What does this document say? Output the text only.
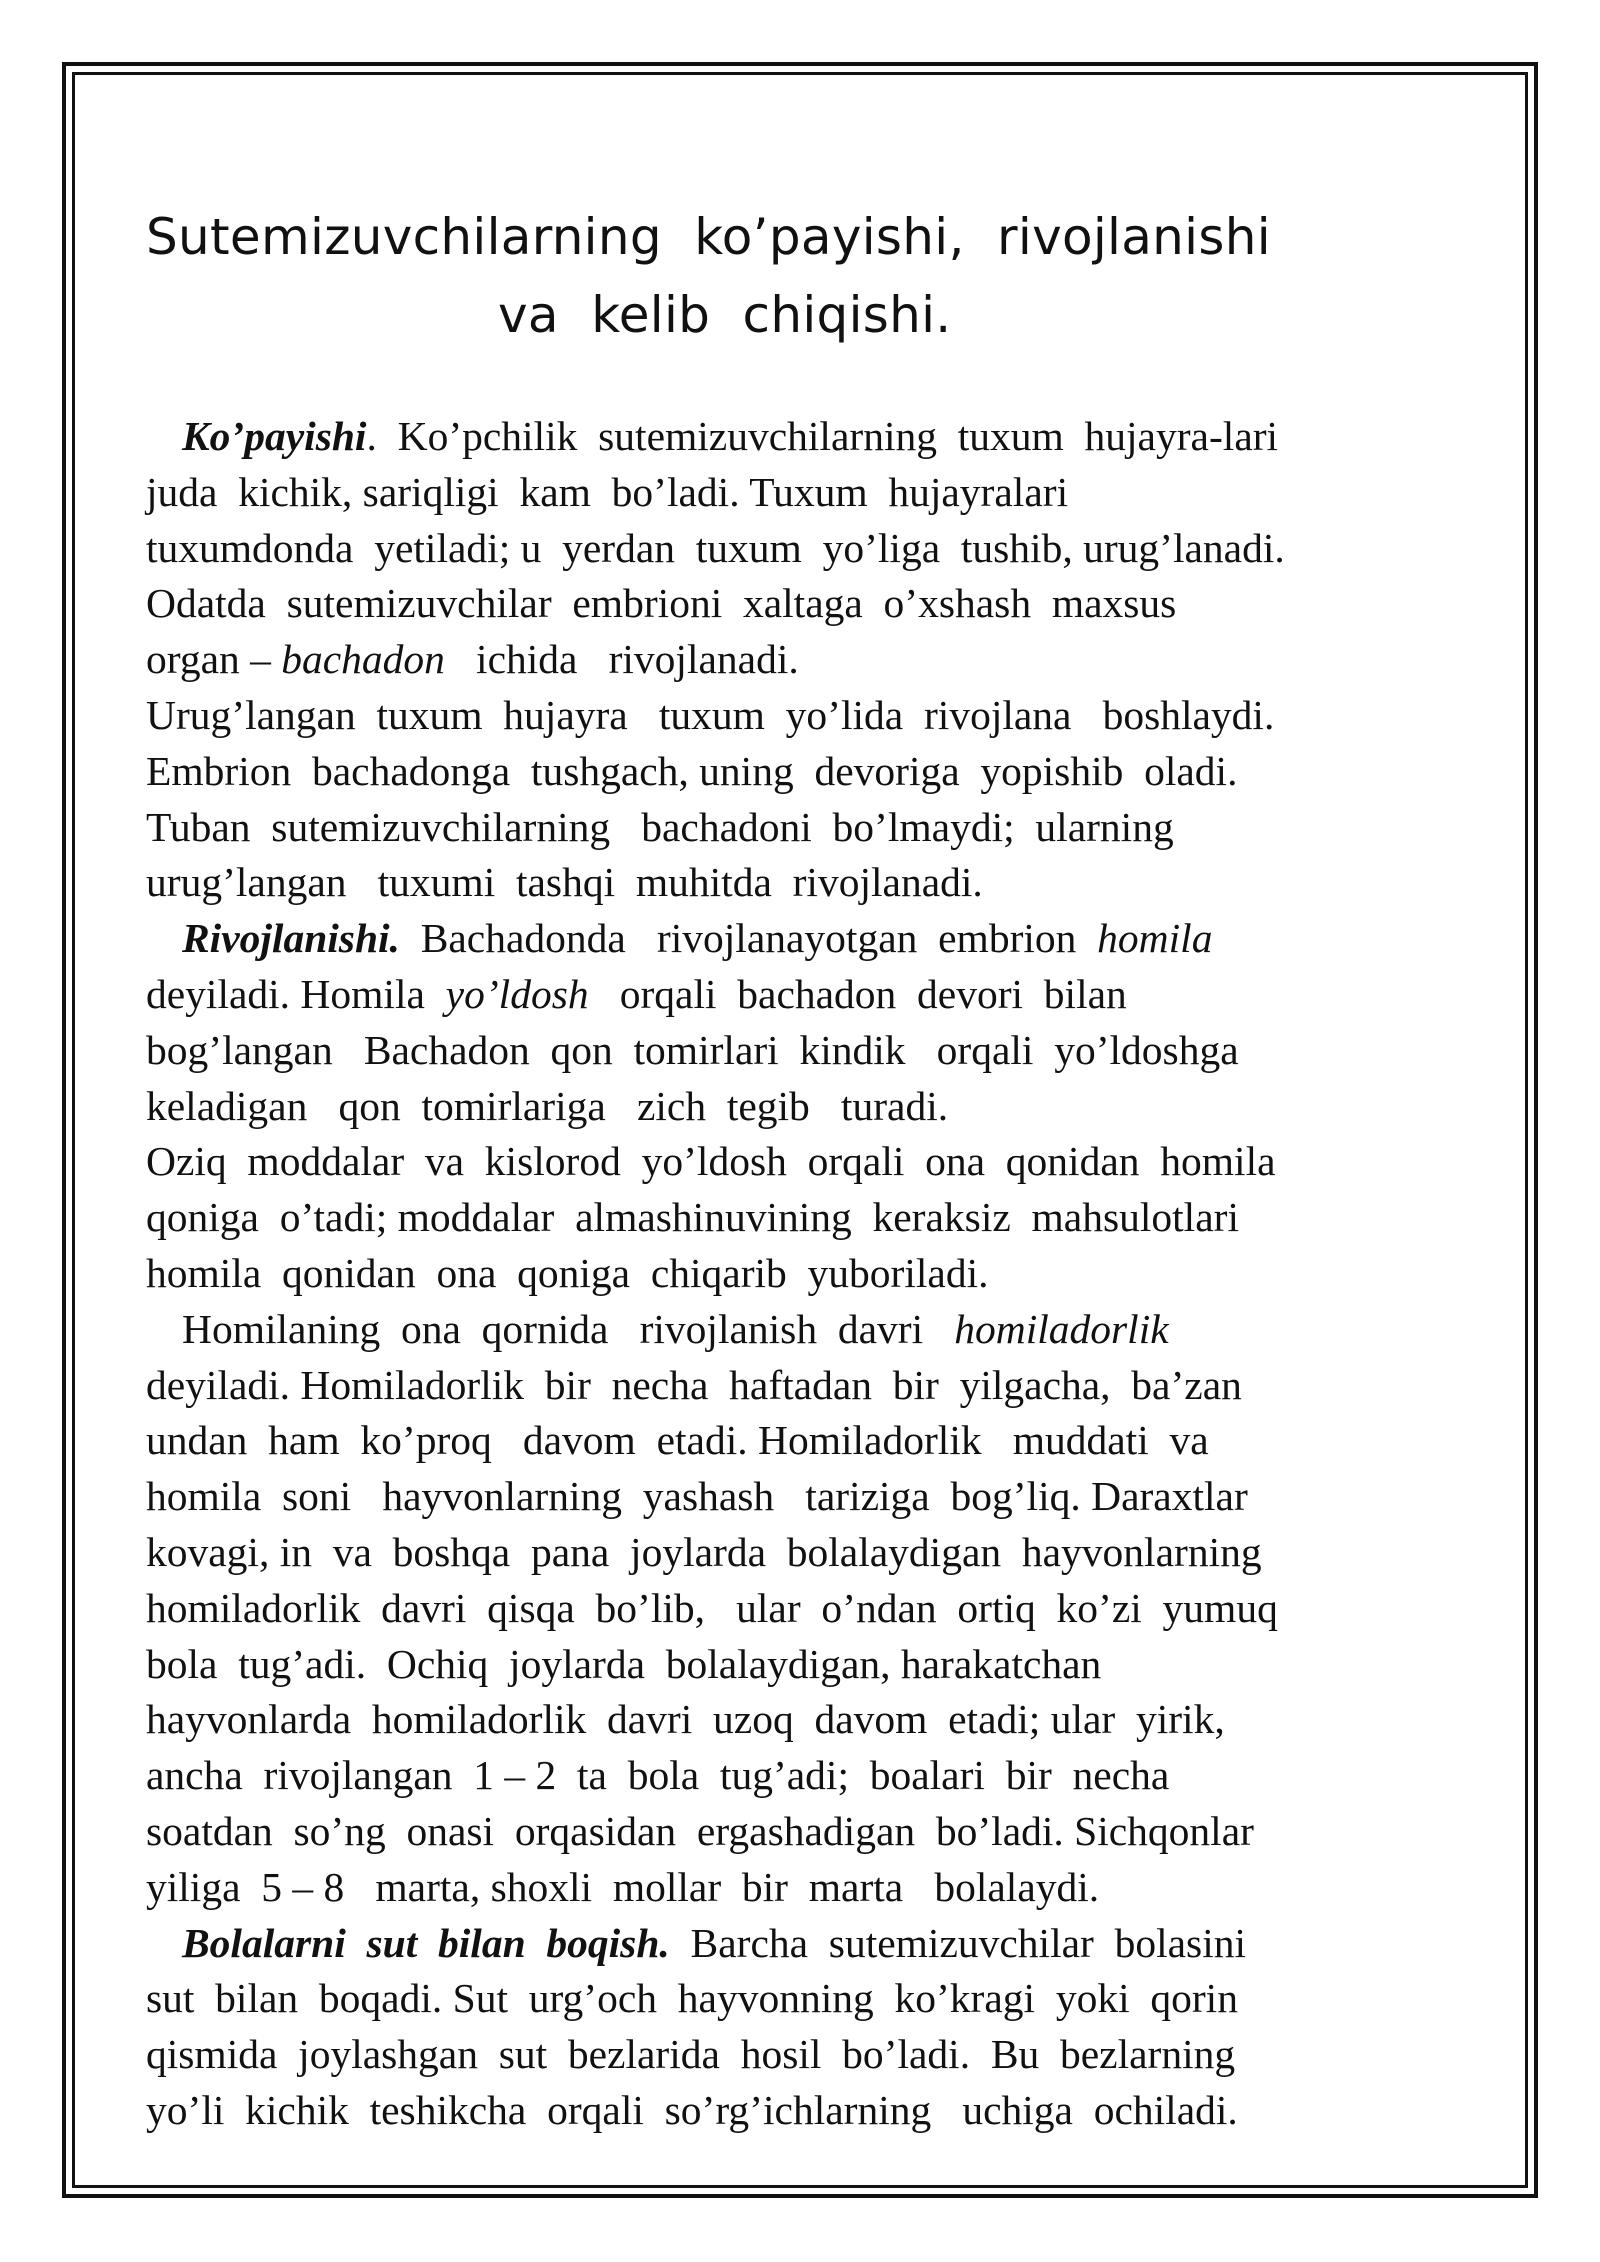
Sutemizuvchilarning  ko’payishi,  rivojlanishi
va  kelib  chiqishi.
Ko’payishi.  Ko’pchilik  sutemizuvchilarning  tuxum  hujayra-lari
juda  kichik, sariqligi  kam  bo’ladi. Tuxum  hujayralari
tuxumdonda  yetiladi; u  yerdan  tuxum  yo’liga  tushib, urug’lanadi.
Odatda  sutemizuvchilar  embrioni  xaltaga  o’xshash  maxsus
organ – bachadon   ichida   rivojlanadi.
Urug’langan  tuxum  hujayra   tuxum  yo’lida  rivojlana   boshlaydi.
Embrion  bachadonga  tushgach, uning  devoriga  yopishib  oladi.
Tuban  sutemizuvchilarning   bachadoni  bo’lmaydi;  ularning
urug’langan   tuxumi  tashqi  muhitda  rivojlanadi.
Rivojlanishi.  Bachadonda   rivojlanayotgan  embrion  homila
deyiladi. Homila  yo’ldosh   orqali  bachadon  devori  bilan
bog’langan   Bachadon  qon  tomirlari  kindik   orqali  yo’ldoshga
keladigan   qon  tomirlariga   zich  tegib   turadi.
Oziq  moddalar  va  kislorod  yo’ldosh  orqali  ona  qonidan  homila
qoniga  o’tadi; moddalar  almashinuvining  keraksiz  mahsulotlari
homila  qonidan  ona  qoniga  chiqarib  yuboriladi.
Homilaning  ona  qornida   rivojlanish  davri   homiladorlik
deyiladi. Homiladorlik  bir  necha  haftadan  bir  yilgacha,  ba’zan
undan  ham  ko’proq   davom  etadi. Homiladorlik   muddati  va
homila  soni   hayvonlarning  yashash   tariziga  bog’liq. Daraxtlar
kovagi, in  va  boshqa  pana  joylarda  bolalaydigan  hayvonlarning
homiladorlik  davri  qisqa  bo’lib,   ular  o’ndan  ortiq  ko’zi  yumuq
bola  tug’adi.  Ochiq  joylarda  bolalaydigan, harakatchan
hayvonlarda  homiladorlik  davri  uzoq  davom  etadi; ular  yirik,
ancha  rivojlangan  1 – 2  ta  bola  tug’adi;  boalari  bir  necha
soatdan  so’ng  onasi  orqasidan  ergashadigan  bo’ladi. Sichqonlar
yiliga  5 – 8   marta, shoxli  mollar  bir  marta   bolalaydi.
Bolalarni  sut  bilan  boqish.  Barcha  sutemizuvchilar  bolasini
sut  bilan  boqadi. Sut  urg’och  hayvonning  ko’kragi  yoki  qorin
qismida  joylashgan  sut  bezlarida  hosil  bo’ladi.  Bu  bezlarning
yo’li  kichik  teshikcha  orqali  so’rg’ichlarning   uchiga  ochiladi.
